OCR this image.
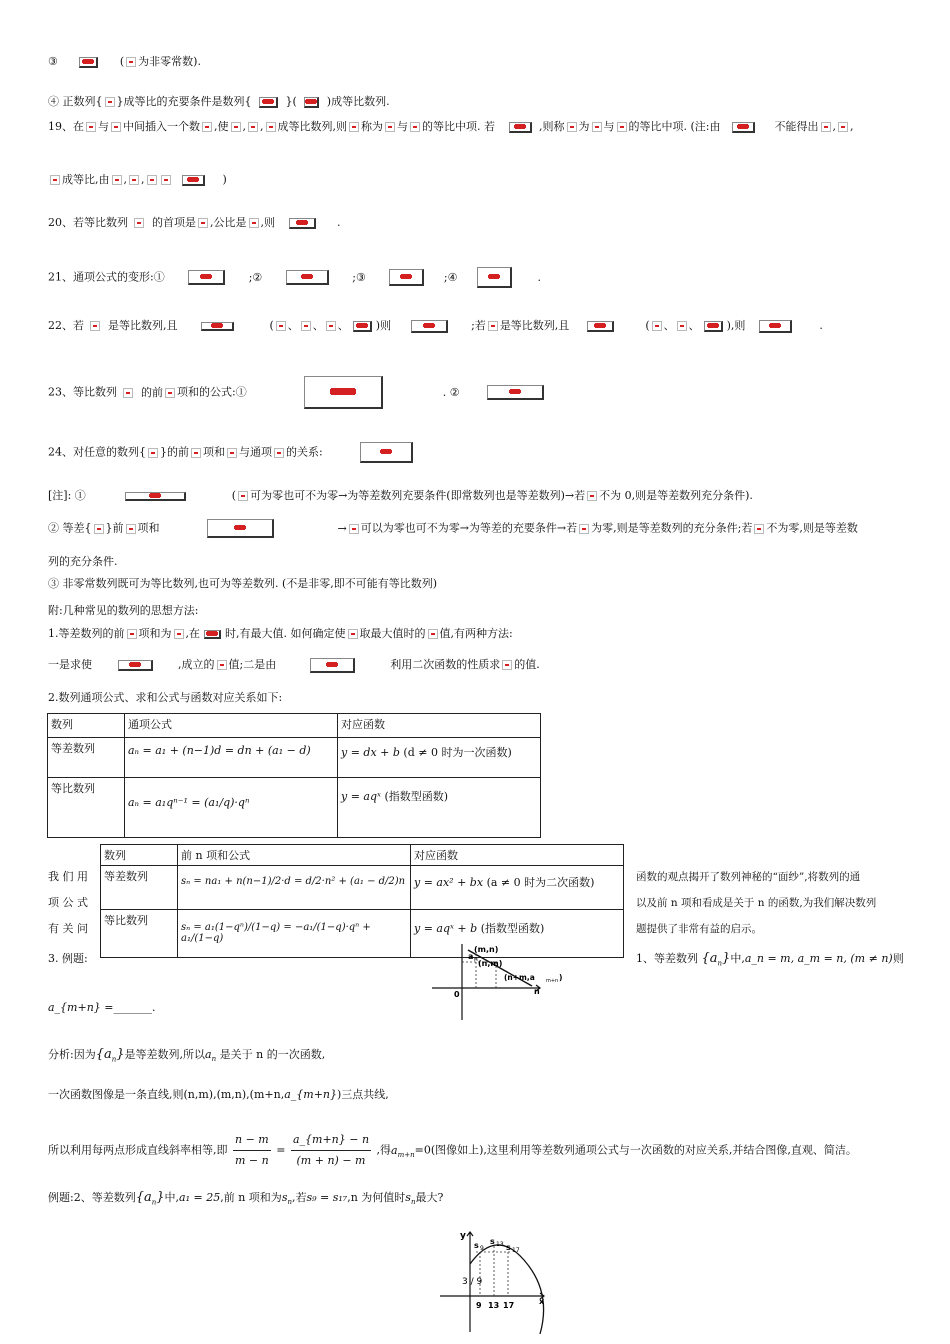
③	( 为非零常数).
④ 正数列{ }成等比的充要条件是数列{	}(	)成等比数列.
19、在 与 中间插入一个数 ,使 , , 成等比数列,则 称为 与 的等比中项. 若	,则称 为 与 的等比中项. (注:由	不能得出 , ,
成等比,由 , ,	)
20、若等比数列 的首项是 ,公比是 ,则	.
21、通项公式的变形:①	;②	;③	;④	.
22、若 是等比数列,且	( 、 、 、 )则	;若 是等比数列,且	( 、 、 ),则	.
23、等比数列 的前 项和的公式:①	. ②
24、对任意的数列{ }的前 项和 与通项 的关系:
[注]: ①	( 可为零也可不为零→为等差数列充要条件(即常数列也是等差数列)→若 不为 0,则是等差数列充分条件).
② 等差{ }前 项和	→ 可以为零也可不为零→为等差的充要条件→若 为零,则是等差数列的充分条件;若 不为零,则是等差数
列的充分条件.
③ 非零常数列既可为等比数列,也可为等差数列. (不是非零,即不可能有等比数列)
附:几种常见的数列的思想方法:
1.等差数列的前 项和为 ,在 时,有最大值. 如何确定使 取最大值时的 值,有两种方法:
一是求使	,成立的 值;二是由	利用二次函数的性质求 的值.
2.数列通项公式、求和公式与函数对应关系如下:
数列	通项公式	对应函数
等差数列	aₙ = a₁ + (n−1)d = dn + (a₁ − d)	y = dx + b (d ≠ 0 时为一次函数)
等比数列	aₙ = a₁qⁿ⁻¹ = (a₁/q)·qⁿ	y = aqˣ (指数型函数)
数列	前 n 项和公式	对应函数
等差数列	sₙ = na₁ + n(n−1)/2·d = d/2·n² + (a₁ − d/2)n	y = ax² + bx (a ≠ 0 时为二次函数)
等比数列	sₙ = a₁(1−qⁿ)/(1−q) = −a₁/(1−q)·qⁿ + a₁/(1−q)	y = aqˣ + b (指数型函数)
我 们 用
项 公 式
有 关 问
3. 例题:
函数的观点揭开了数列神秘的“面纱”,将数列的通
以及前 n 项和看成是关于 n 的函数,为我们解决数列
题提供了非常有益的启示。
a n
(m,n)
(n,m)
(n+m,a m+n )
0	n
1、等差数列 $\{a_n\}$中,a_n = m, a_m = n, (m ≠ n)则
a_{m+n} =_______.
分析:因为$\{a_n\}$是等差数列,所以$a_n$ 是关于 n 的一次函数,
一次函数图像是一条直线,则(n,m),(m,n),(m+n,a_{m+n})三点共线,
所以利用每两点形成直线斜率相等,即 $\frac{n - m}{m - n} = \frac{a\_\{m+n\} - n}{(m + n) - m}$ ,得$a_{m+n}=0$(图像如上),这里利用等差数列通项公式与一次函数的对应关系,并结合图像,直观、简洁。
例题:2、等差数列$\{a_n\}$中,a₁ = 25,前 n 项和为$s_n$,若s₉ = s₁₇,n 为何值时$s_n$最大?
y
s 9
s 13 s 17
3 / 9
9 13 17	x
